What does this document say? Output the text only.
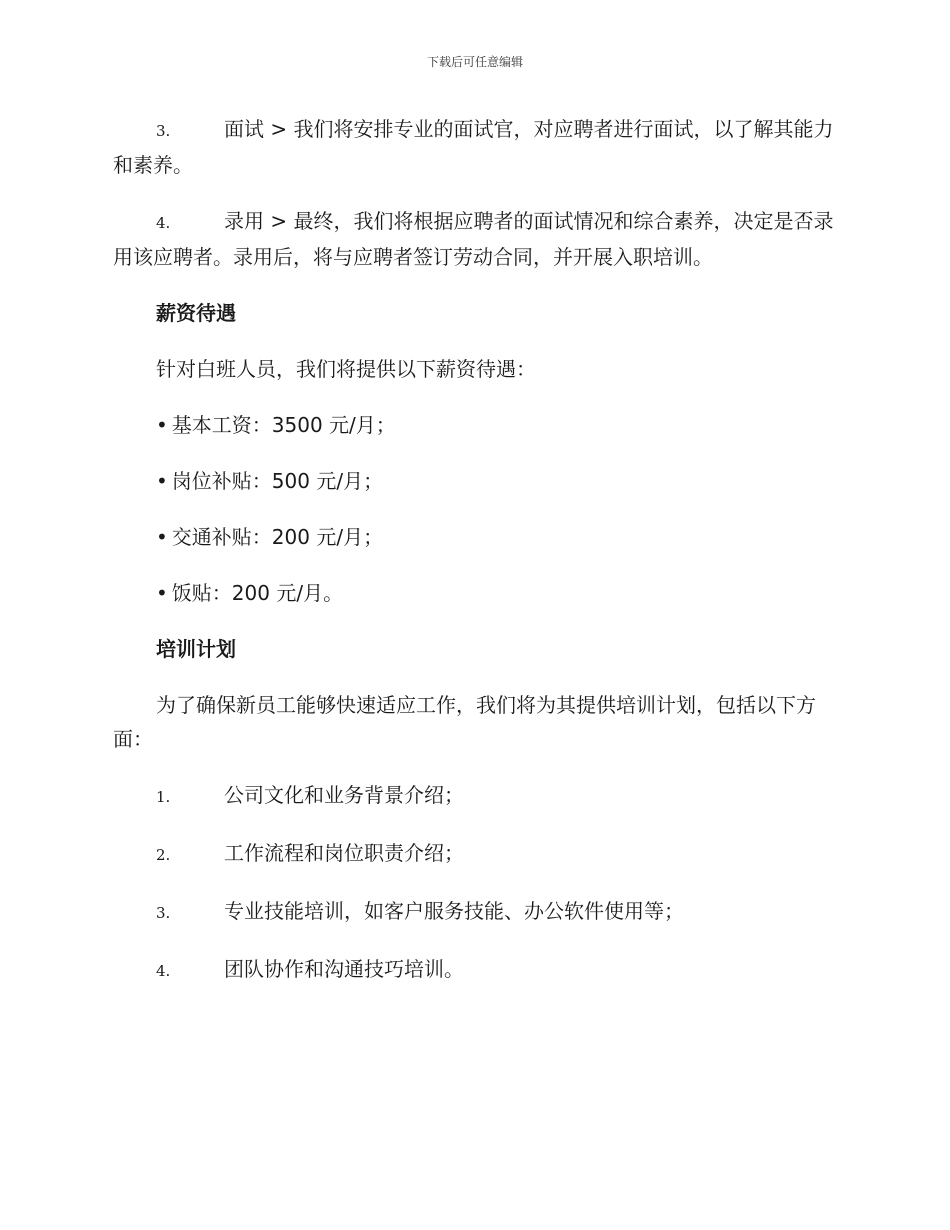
下载后可任意编辑

3.	面试 > 我们将安排专业的面试官，对应聘者进行面试，以了解其能力和素养。

4.	录用 > 最终，我们将根据应聘者的面试情况和综合素养，决定是否录用该应聘者。录用后，将与应聘者签订劳动合同，并开展入职培训。

薪资待遇

针对白班人员，我们将提供以下薪资待遇：

• 基本工资：3500 元/月；

• 岗位补贴：500 元/月；

• 交通补贴：200 元/月；

• 饭贴：200 元/月。

培训计划

为了确保新员工能够快速适应工作，我们将为其提供培训计划，包括以下方面：

1.	公司文化和业务背景介绍；

2.	工作流程和岗位职责介绍；

3.	专业技能培训，如客户服务技能、办公软件使用等；

4.	团队协作和沟通技巧培训。
